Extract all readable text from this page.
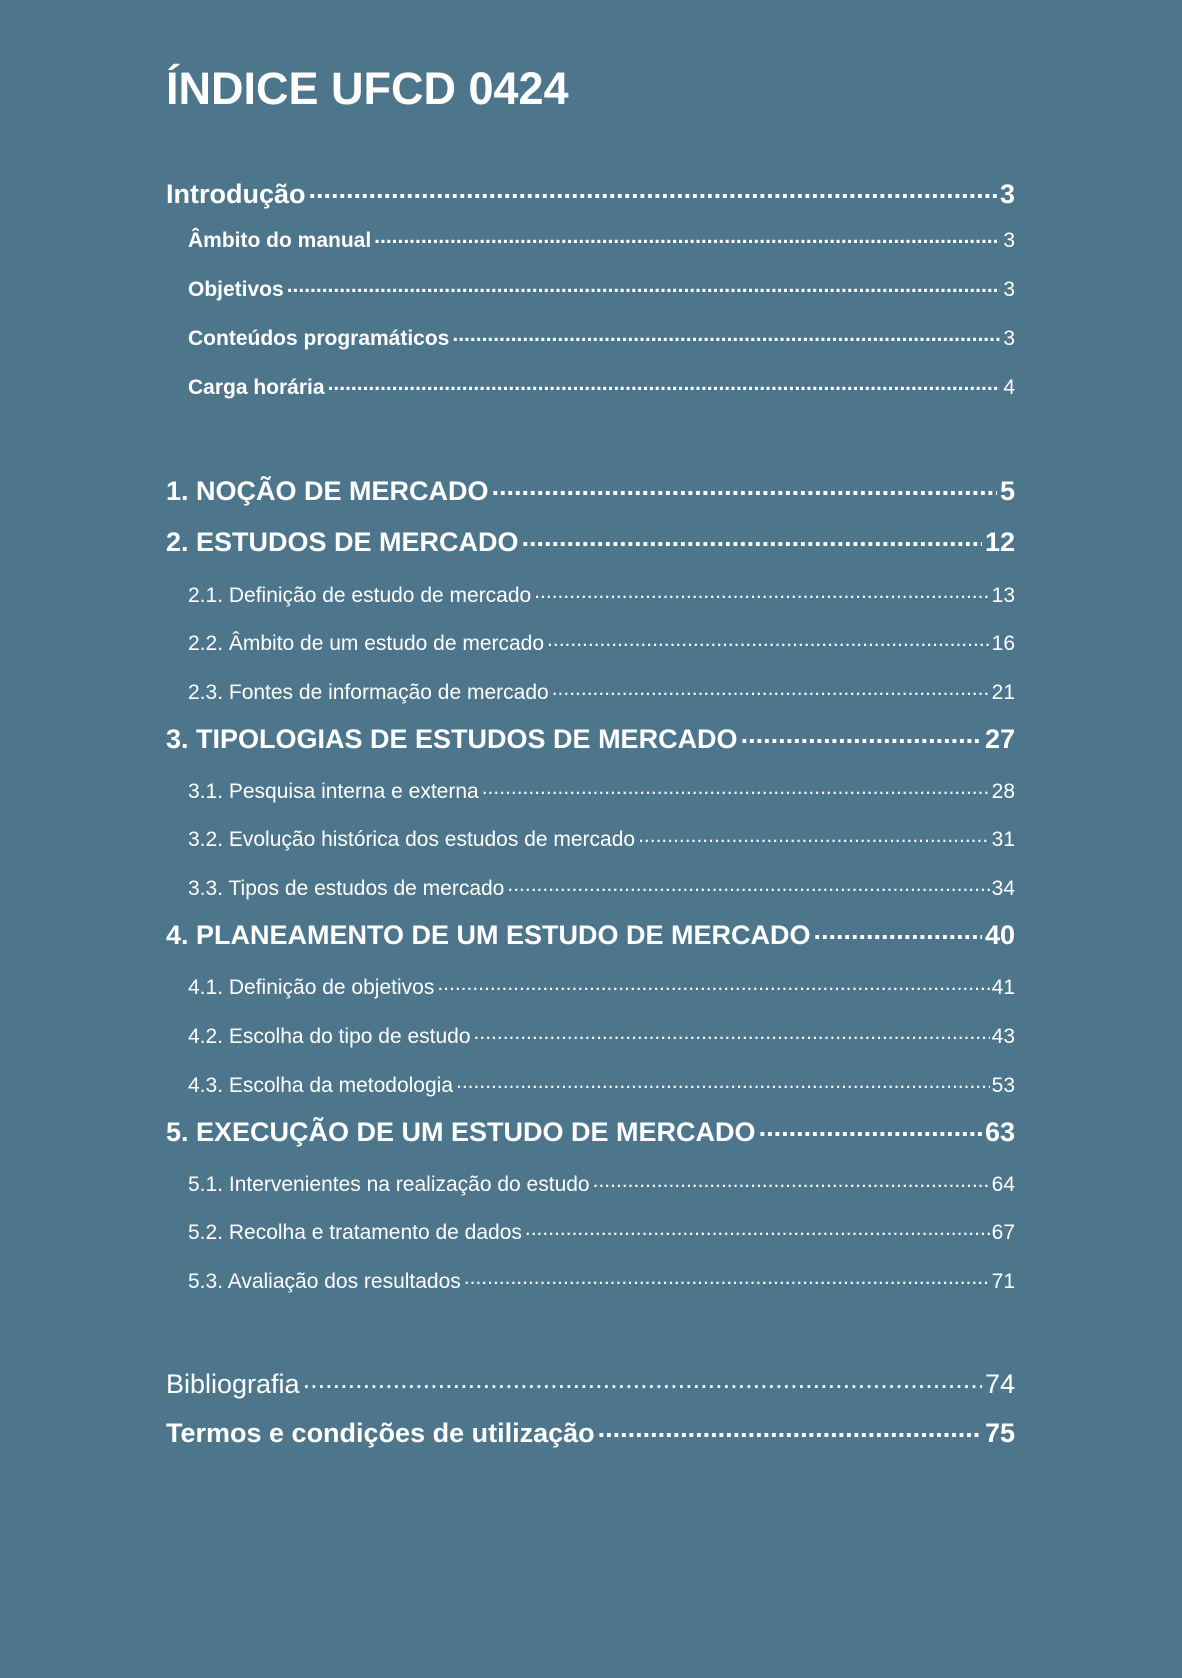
ÍNDICE UFCD 0424
Introdução .....	3
Âmbito do manual .....	3
Objetivos .....	3
Conteúdos programáticos .....	3
Carga horária .....	4
1. NOÇÃO DE MERCADO .....	5
2. ESTUDOS DE MERCADO .....	12
2.1. Definição de estudo de mercado .....	13
2.2. Âmbito de um estudo de mercado .....	16
2.3. Fontes de informação de mercado .....	21
3. TIPOLOGIAS DE ESTUDOS DE MERCADO .....	27
3.1. Pesquisa interna e externa .....	28
3.2. Evolução histórica dos estudos de mercado .....	31
3.3. Tipos de estudos de mercado .....	34
4. PLANEAMENTO DE UM ESTUDO DE MERCADO .....	40
4.1. Definição de objetivos .....	41
4.2. Escolha do tipo de estudo .....	43
4.3. Escolha da metodologia .....	53
5. EXECUÇÃO DE UM ESTUDO DE MERCADO .....	63
5.1. Intervenientes na realização do estudo .....	64
5.2. Recolha e tratamento de dados .....	67
5.3. Avaliação dos resultados .....	71
Bibliografia .....	74
Termos e condições de utilização .....	75
